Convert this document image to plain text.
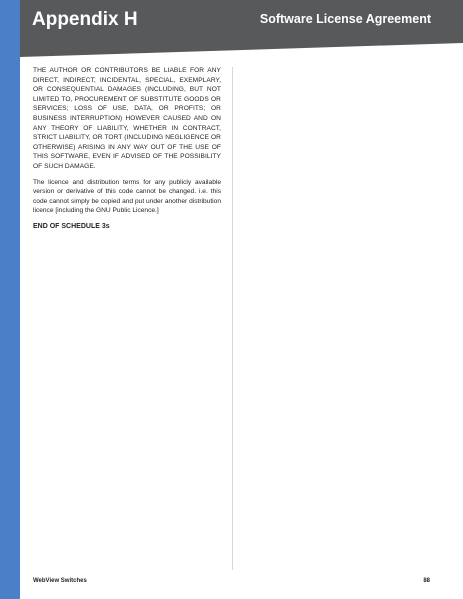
Appendix H	Software License Agreement

THE AUTHOR OR CONTRIBUTORS BE LIABLE FOR ANY DIRECT, INDIRECT, INCIDENTAL, SPECIAL, EXEMPLARY, OR CONSEQUENTIAL DAMAGES (INCLUDING, BUT NOT LIMITED TO, PROCUREMENT OF SUBSTITUTE GOODS OR SERVICES; LOSS OF USE, DATA, OR PROFITS; OR BUSINESS INTERRUPTION) HOWEVER CAUSED AND ON ANY THEORY OF LIABILITY, WHETHER IN CONTRACT, STRICT LIABILITY, OR TORT (INCLUDING NEGLIGENCE OR OTHERWISE) ARISING IN ANY WAY OUT OF THE USE OF THIS SOFTWARE, EVEN IF ADVISED OF THE POSSIBILITY OF SUCH DAMAGE.

The licence and distribution terms for any publicly available version or derivative of this code cannot be changed. i.e. this code cannot simply be copied and put under another distribution licence [including the GNU Public Licence.]

END OF SCHEDULE 3s

WebView Switches	88
